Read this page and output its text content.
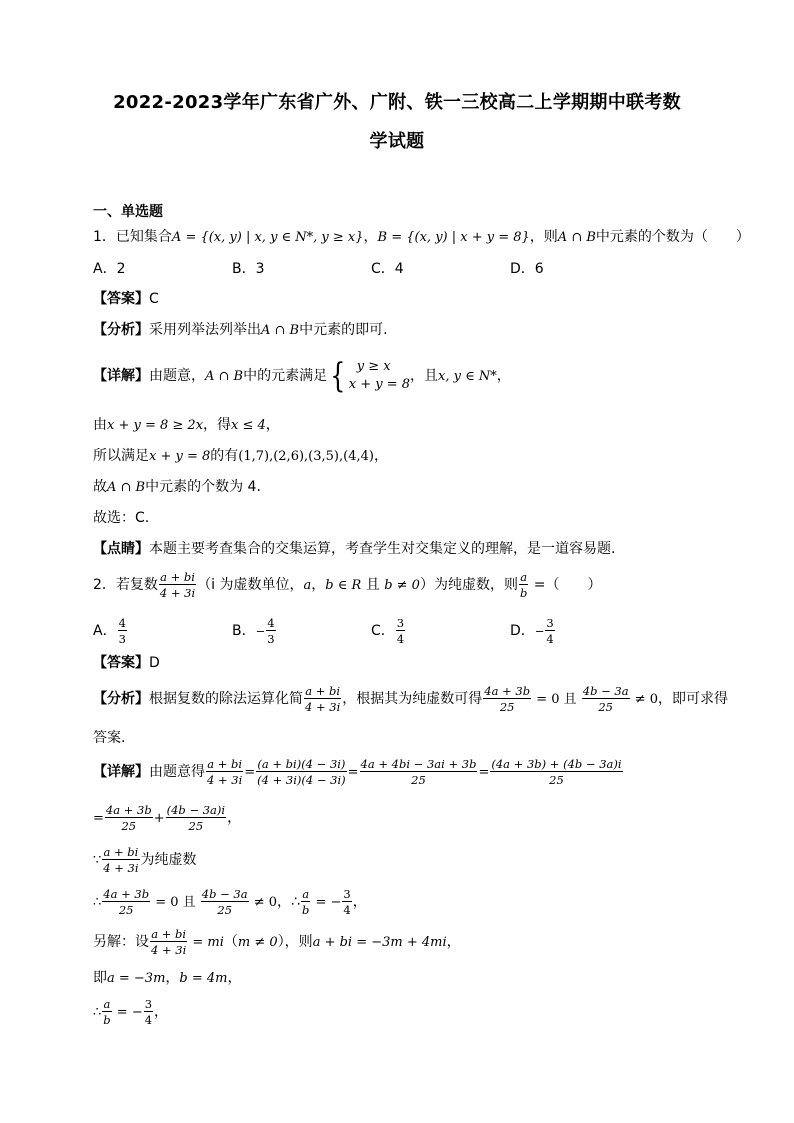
2022-2023学年广东省广外、广附、铁一三校高二上学期期中联考数
学试题
一、单选题
1．已知集合A = {(x, y) | x, y ∈ N*, y ≥ x}，B = {(x, y) | x + y = 8}，则A ∩ B中元素的个数为（　　）
A．2	B．3	C．4	D．6
【答案】C
【分析】采用列举法列举出A ∩ B中元素的即可.
【详解】由题意，A ∩ B中的元素满足{ y ≥ x
x + y = 8
，且x, y ∈ N*，
由x + y = 8 ≥ 2x，得x ≤ 4，
所以满足x + y = 8的有(1,7),(2,6),(3,5),(4,4)，
故A ∩ B中元素的个数为 4.
故选：C.
【点睛】本题主要考查集合的交集运算，考查学生对交集定义的理解，是一道容易题.
2．若复数 $\frac{a + bi}{4 + 3i} (i$ 为虚数单位，a，b ∈ R 且 b ≠ 0）为纯虚数，则 $\frac{a}{b}$ =（　　）
A． $\frac{4}{3}$	B．− $\frac{4}{3}$	C． $\frac{3}{4}$	D．− $\frac{3}{4}$
【答案】D
【分析】根据复数的除法运算化简 $\frac{a + bi}{4 + 3i}$ ，根据其为纯虚数可得 $\frac{4a + 3b}{25} = 0$ 且 $\frac{4b - 3a}{25} \ne 0$，即可求得
答案.
【详解】由题意得 $\frac{a + bi}{4 + 3i} = \frac{(a + bi)(4 - 3i)}{(4 + 3i)(4 - 3i)} = \frac{4a + 4bi - 3ai + 3b}{25} = \frac{(4a + 3b) + (4b - 3a)i}{25}$
= $\frac{4a + 3b}{25} + \frac{(4b - 3a)i}{25}$ ，
∵ $\frac{a + bi}{4 + 3i}$ 为纯虚数
∴ $\frac{4a + 3b}{25} = 0$ 且 $\frac{4b - 3a}{25} \ne 0$，∴ $\frac{a}{b}$ = − $\frac{3}{4}$ ，
另解：设 $\frac{a + bi}{4 + 3i} = mi(m \ne 0)$，则a + bi = −3m + 4mi，
即a = −3m，b = 4m，
∴ $\frac{a}{b}$ = − $\frac{3}{4}$ ，
